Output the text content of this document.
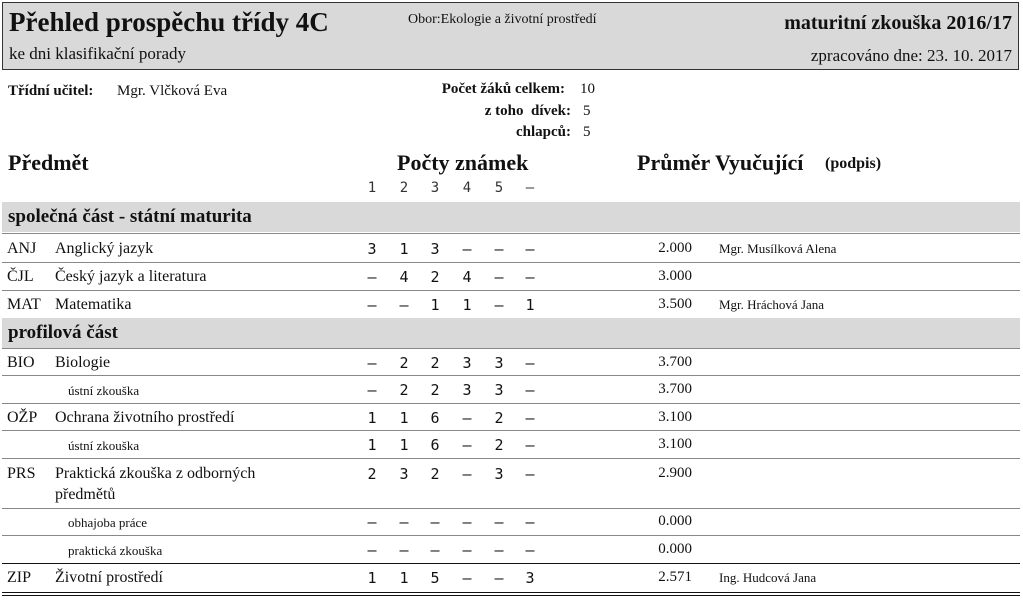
Přehled prospěchu třídy 4C
ke dni klasifikační porady
Obor:Ekologie a životní prostředí	maturitní zkouška 2016/17
zpracováno dne: 23. 10. 2017
Třídní učitel: Mgr. Vlčková Eva	Počet žáků celkem: 10
z toho  dívek: 5
chlapců: 5
Předmět	Počty známek	Průměr Vyučující (podpis)
1 2 3 4 5 –
společná část - státní maturita
ANJ Anglický jazyk	3 1 3 – – –	2.000 Mgr. Musílková Alena
ČJL Český jazyk a literatura	– 4 2 4 – –	3.000
MAT Matematika	– – 1 1 – 1	3.500 Mgr. Hráchová Jana
profilová část
BIO Biologie	– 2 2 3 3 –	3.700
ústní zkouška	– 2 2 3 3 –	3.700
OŽP Ochrana životního prostředí	1 1 6 – 2 –	3.100
ústní zkouška	1 1 6 – 2 –	3.100
PRS Praktická zkouška z odborných
předmětů
2 3 2 – 3 –	2.900
obhajoba práce	– – – – – –	0.000
praktická zkouška	– – – – – –	0.000
ZIP Životní prostředí	1 1 5 – – 3	2.571 Ing. Hudcová Jana
